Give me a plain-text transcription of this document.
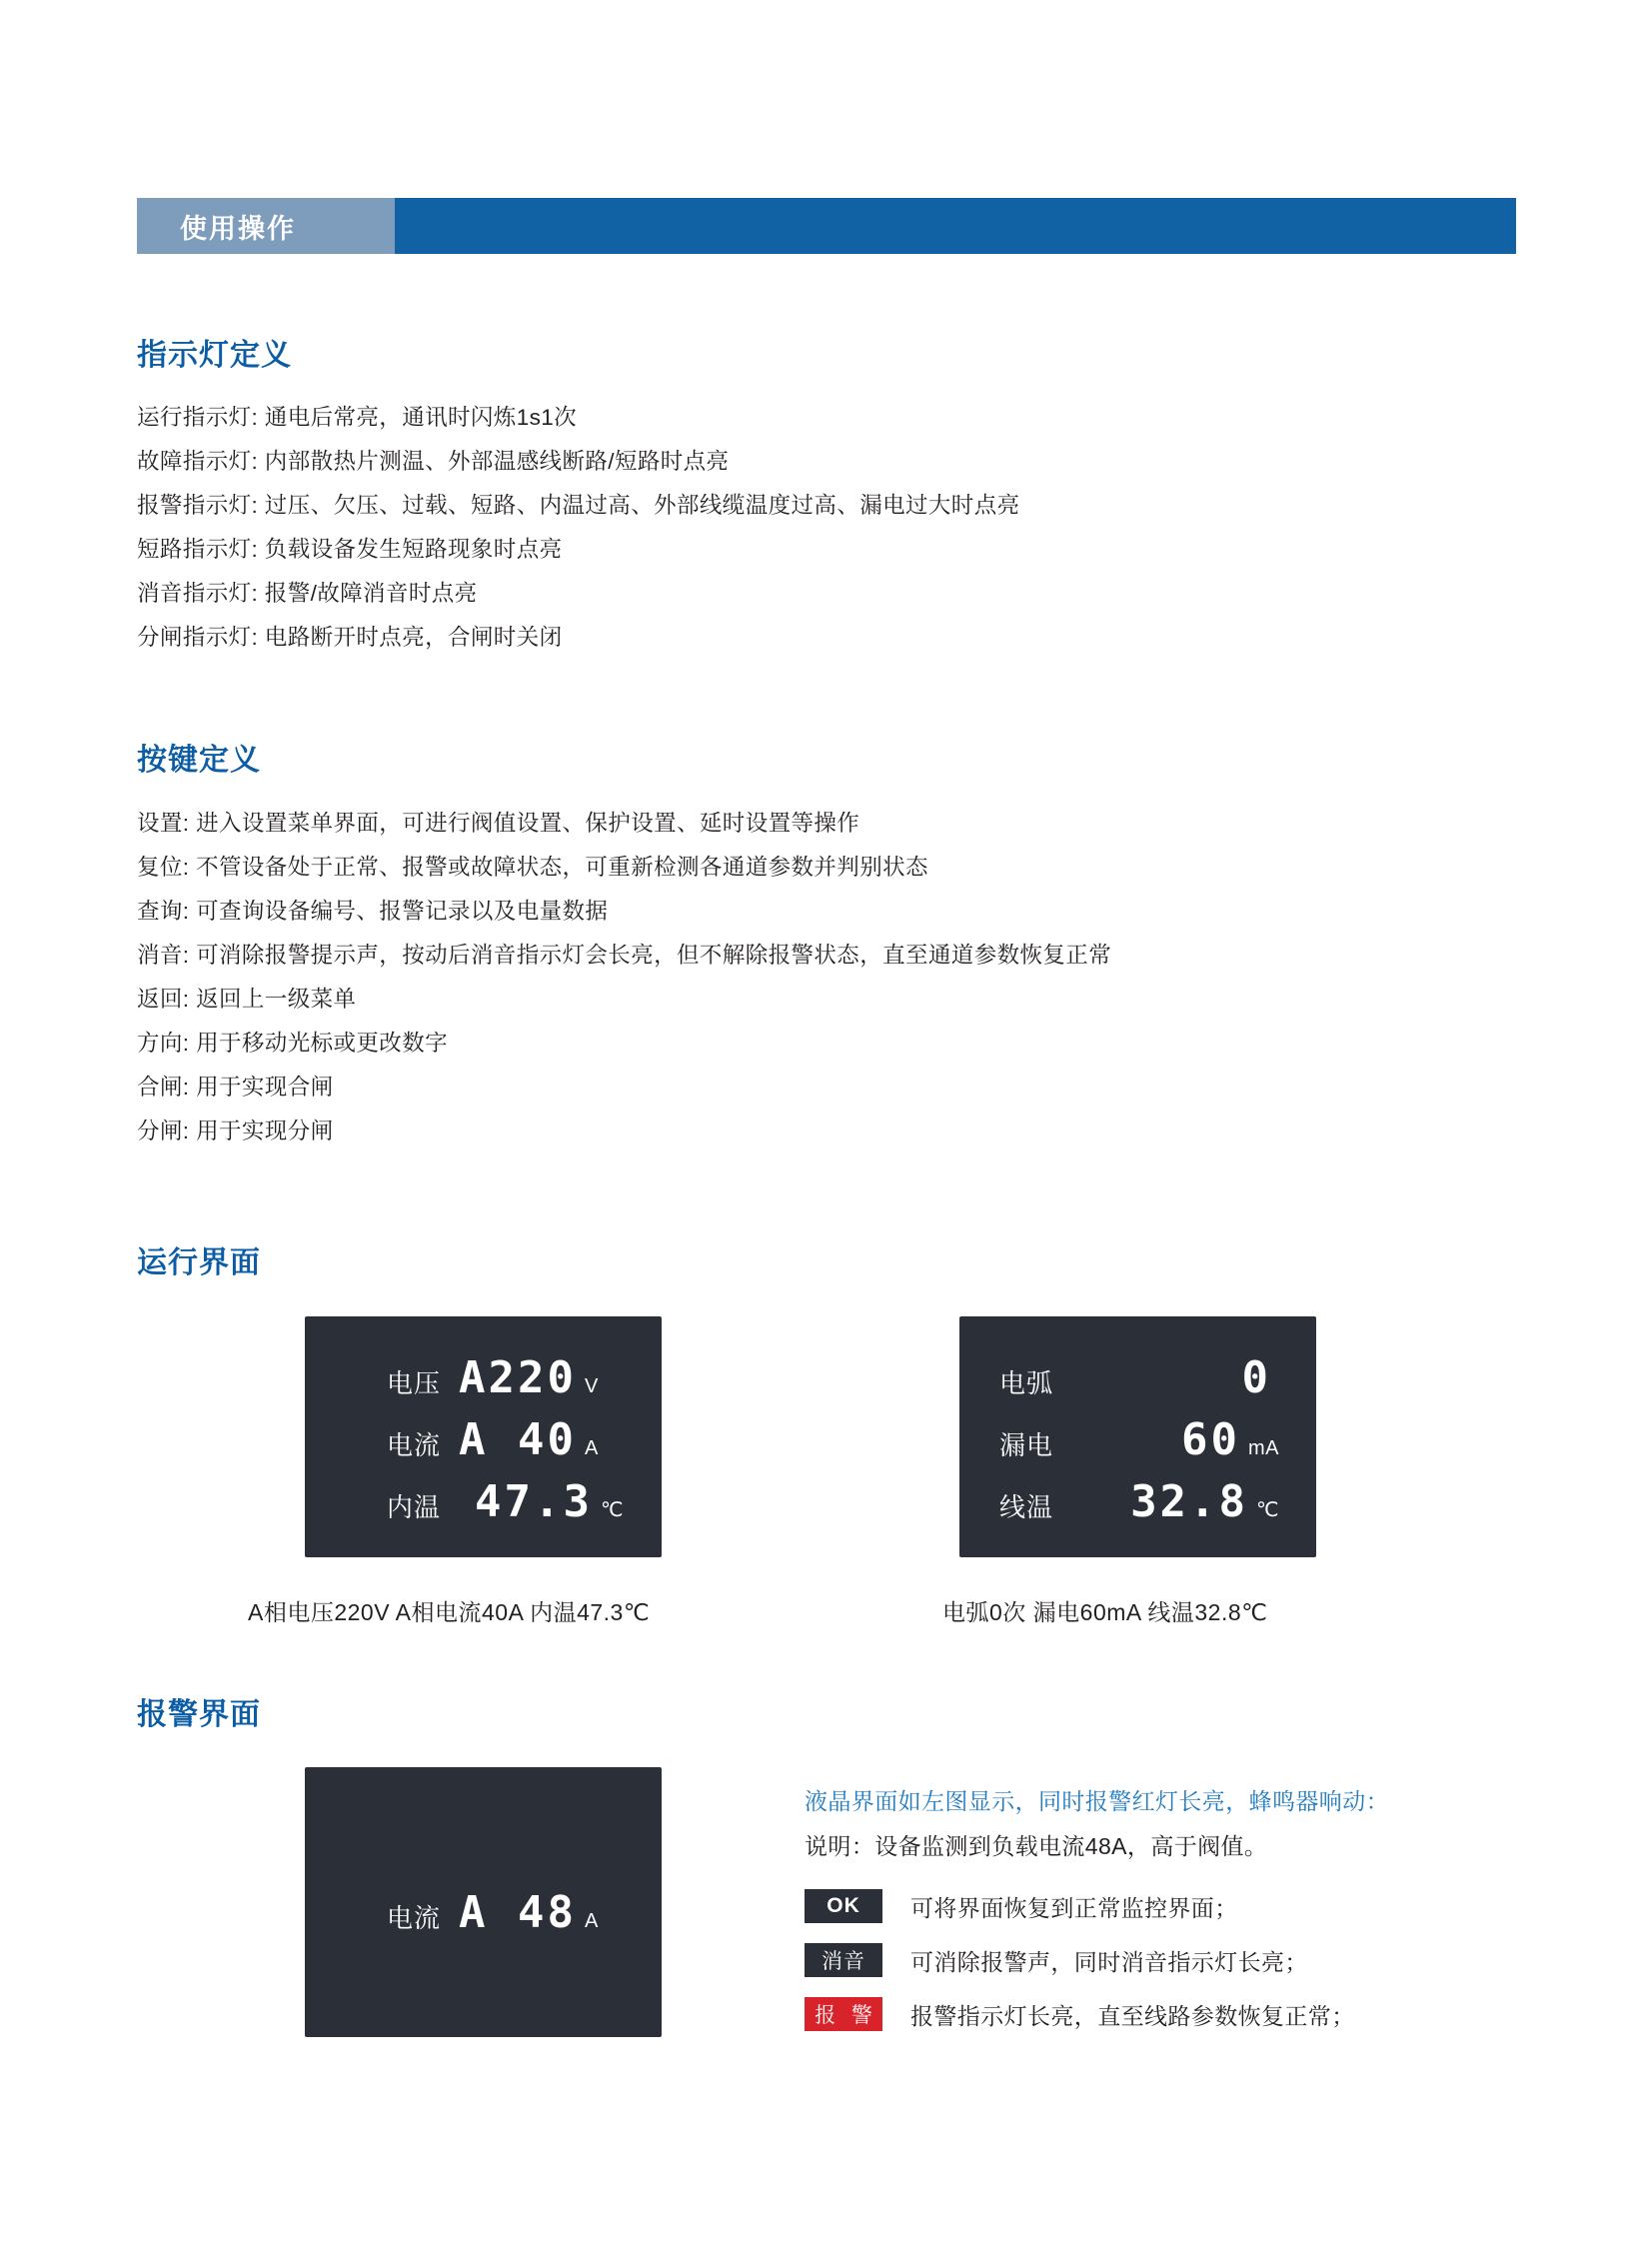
使用操作
指示灯定义
运行指示灯: 通电后常亮，通讯时闪炼1s1次
故障指示灯: 内部散热片测温、外部温感线断路/短路时点亮
报警指示灯: 过压、欠压、过载、短路、内温过高、外部线缆温度过高、漏电过大时点亮
短路指示灯: 负载设备发生短路现象时点亮
消音指示灯: 报警/故障消音时点亮
分闸指示灯: 电路断开时点亮，合闸时关闭
按键定义
设置: 进入设置菜单界面，可进行阀值设置、保护设置、延时设置等操作
复位: 不管设备处于正常、报警或故障状态，可重新检测各通道参数并判别状态
查询: 可查询设备编号、报警记录以及电量数据
消音: 可消除报警提示声，按动后消音指示灯会长亮，但不解除报警状态，直至通道参数恢复正常
返回: 返回上一级菜单
方向: 用于移动光标或更改数字
合闸: 用于实现合闸
分闸: 用于实现分闸
运行界面
电压 A220 V
电流 A 40 A
内温 47.3 ℃
电弧	0
漏电	60 mA
线温 32.8 ℃
A相电压220V A相电流40A 内温47.3℃	电弧0次 漏电60mA 线温32.8℃
报警界面
电流 A 48 A
液晶界面如左图显示，同时报警红灯长亮，蜂鸣器响动：
说明：设备监测到负载电流48A，高于阀值。
OK	可将界面恢复到正常监控界面；
消音	可消除报警声，同时消音指示灯长亮；
报 警 报警指示灯长亮，直至线路参数恢复正常；
